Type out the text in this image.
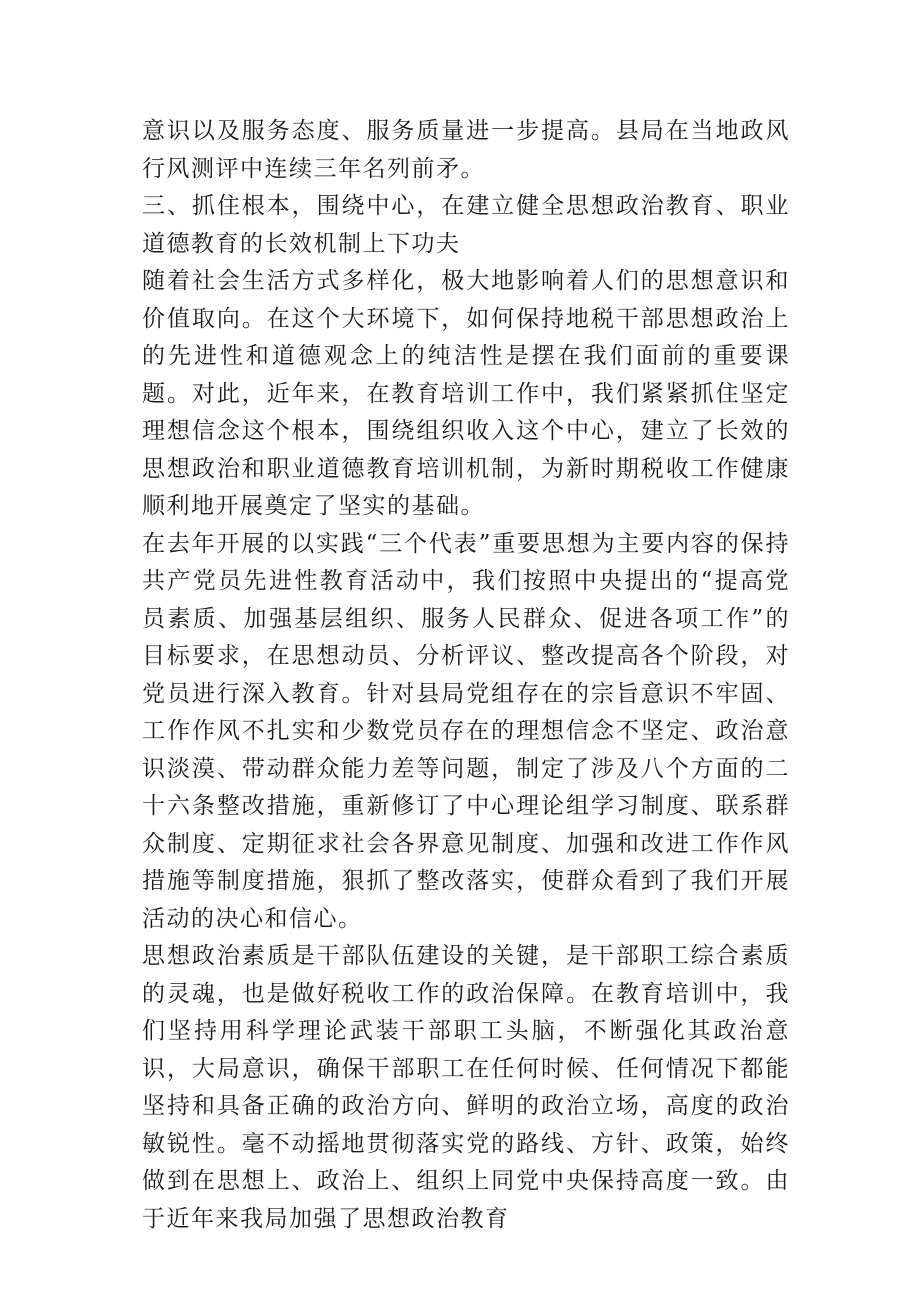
意识以及服务态度、服务质量进一步提高。县局在当地政风行风测评中连续三年名列前矛。

三、抓住根本，围绕中心，在建立健全思想政治教育、职业道德教育的长效机制上下功夫

随着社会生活方式多样化，极大地影响着人们的思想意识和价值取向。在这个大环境下，如何保持地税干部思想政治上的先进性和道德观念上的纯洁性是摆在我们面前的重要课题。对此，近年来，在教育培训工作中，我们紧紧抓住坚定理想信念这个根本，围绕组织收入这个中心，建立了长效的思想政治和职业道德教育培训机制，为新时期税收工作健康顺利地开展奠定了坚实的基础。

在去年开展的以实践“三个代表”重要思想为主要内容的保持共产党员先进性教育活动中，我们按照中央提出的“提高党员素质、加强基层组织、服务人民群众、促进各项工作”的目标要求，在思想动员、分析评议、整改提高各个阶段，对党员进行深入教育。针对县局党组存在的宗旨意识不牢固、工作作风不扎实和少数党员存在的理想信念不坚定、政治意识淡漠、带动群众能力差等问题，制定了涉及八个方面的二十六条整改措施，重新修订了中心理论组学习制度、联系群众制度、定期征求社会各界意见制度、加强和改进工作作风措施等制度措施，狠抓了整改落实，使群众看到了我们开展活动的决心和信心。

思想政治素质是干部队伍建设的关键，是干部职工综合素质的灵魂，也是做好税收工作的政治保障。在教育培训中，我们坚持用科学理论武装干部职工头脑，不断强化其政治意识，大局意识，确保干部职工在任何时候、任何情况下都能坚持和具备正确的政治方向、鲜明的政治立场，高度的政治敏锐性。毫不动摇地贯彻落实党的路线、方针、政策，始终做到在思想上、政治上、组织上同党中央保持高度一致。由于近年来我局加强了思想政治教育
